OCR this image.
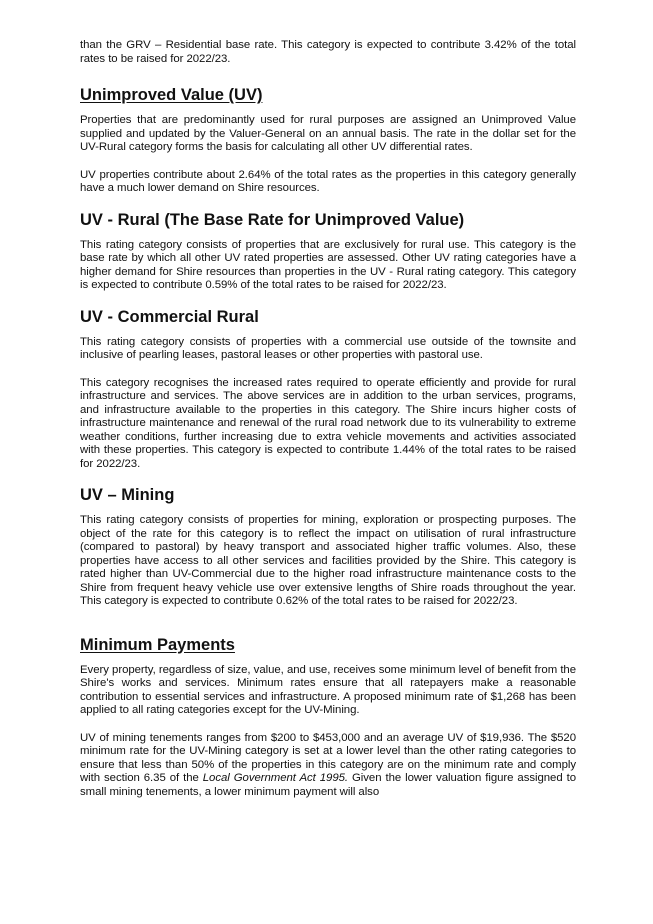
than the GRV – Residential base rate. This category is expected to contribute 3.42% of the total rates to be raised for 2022/23.

Unimproved Value (UV)

Properties that are predominantly used for rural purposes are assigned an Unimproved Value supplied and updated by the Valuer-General on an annual basis. The rate in the dollar set for the UV-Rural category forms the basis for calculating all other UV differential rates.

UV properties contribute about 2.64% of the total rates as the properties in this category generally have a much lower demand on Shire resources.

UV - Rural (The Base Rate for Unimproved Value)

This rating category consists of properties that are exclusively for rural use. This category is the base rate by which all other UV rated properties are assessed. Other UV rating categories have a higher demand for Shire resources than properties in the UV - Rural rating category. This category is expected to contribute 0.59% of the total rates to be raised for 2022/23.

UV - Commercial Rural

This rating category consists of properties with a commercial use outside of the townsite and inclusive of pearling leases, pastoral leases or other properties with pastoral use.

This category recognises the increased rates required to operate efficiently and provide for rural infrastructure and services. The above services are in addition to the urban services, programs, and infrastructure available to the properties in this category. The Shire incurs higher costs of infrastructure maintenance and renewal of the rural road network due to its vulnerability to extreme weather conditions, further increasing due to extra vehicle movements and activities associated with these properties. This category is expected to contribute 1.44% of the total rates to be raised for 2022/23.

UV – Mining

This rating category consists of properties for mining, exploration or prospecting purposes. The object of the rate for this category is to reflect the impact on utilisation of rural infrastructure (compared to pastoral) by heavy transport and associated higher traffic volumes. Also, these properties have access to all other services and facilities provided by the Shire. This category is rated higher than UV-Commercial due to the higher road infrastructure maintenance costs to the Shire from frequent heavy vehicle use over extensive lengths of Shire roads throughout the year. This category is expected to contribute 0.62% of the total rates to be raised for 2022/23.

Minimum Payments

Every property, regardless of size, value, and use, receives some minimum level of benefit from the Shire's works and services. Minimum rates ensure that all ratepayers make a reasonable contribution to essential services and infrastructure. A proposed minimum rate of $1,268 has been applied to all rating categories except for the UV-Mining.

UV of mining tenements ranges from $200 to $453,000 and an average UV of $19,936. The $520 minimum rate for the UV-Mining category is set at a lower level than the other rating categories to ensure that less than 50% of the properties in this category are on the minimum rate and comply with section 6.35 of the Local Government Act 1995. Given the lower valuation figure assigned to small mining tenements, a lower minimum payment will also
